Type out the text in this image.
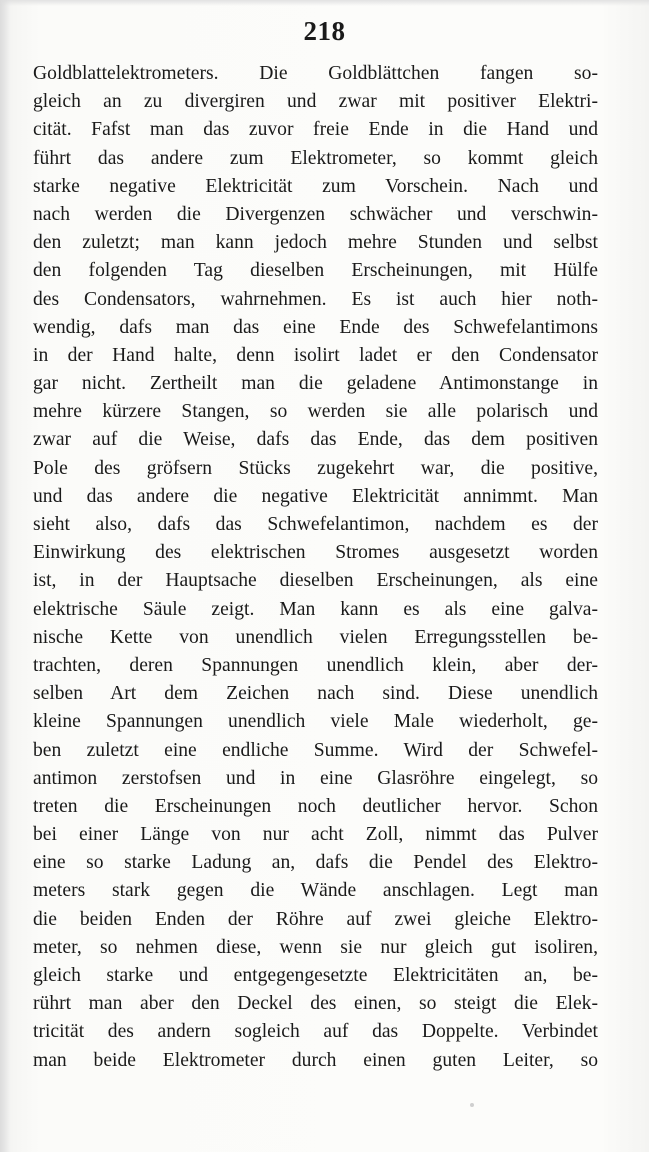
218
Goldblattelektrometers. Die Goldblättchen fangen so-
gleich an zu divergiren und zwar mit positiver Elektri-
cität. Fafst man das zuvor freie Ende in die Hand und
führt das andere zum Elektrometer, so kommt gleich
starke negative Elektricität zum Vorschein. Nach und
nach werden die Divergenzen schwächer und verschwin-
den zuletzt; man kann jedoch mehre Stunden und selbst
den folgenden Tag dieselben Erscheinungen, mit Hülfe
des Condensators, wahrnehmen. Es ist auch hier noth-
wendig, dafs man das eine Ende des Schwefelantimons
in der Hand halte, denn isolirt ladet er den Condensator
gar nicht. Zertheilt man die geladene Antimonstange in
mehre kürzere Stangen, so werden sie alle polarisch und
zwar auf die Weise, dafs das Ende, das dem positiven
Pole des gröfsern Stücks zugekehrt war, die positive,
und das andere die negative Elektricität annimmt. Man
sieht also, dafs das Schwefelantimon, nachdem es der
Einwirkung des elektrischen Stromes ausgesetzt worden
ist, in der Hauptsache dieselben Erscheinungen, als eine
elektrische Säule zeigt. Man kann es als eine galva-
nische Kette von unendlich vielen Erregungsstellen be-
trachten, deren Spannungen unendlich klein, aber der-
selben Art dem Zeichen nach sind. Diese unendlich
kleine Spannungen unendlich viele Male wiederholt, ge-
ben zuletzt eine endliche Summe. Wird der Schwefel-
antimon zerstofsen und in eine Glasröhre eingelegt, so
treten die Erscheinungen noch deutlicher hervor. Schon
bei einer Länge von nur acht Zoll, nimmt das Pulver
eine so starke Ladung an, dafs die Pendel des Elektro-
meters stark gegen die Wände anschlagen. Legt man
die beiden Enden der Röhre auf zwei gleiche Elektro-
meter, so nehmen diese, wenn sie nur gleich gut isoliren,
gleich starke und entgegengesetzte Elektricitäten an, be-
rührt man aber den Deckel des einen, so steigt die Elek-
tricität des andern sogleich auf das Doppelte. Verbindet
man beide Elektrometer durch einen guten Leiter, so
